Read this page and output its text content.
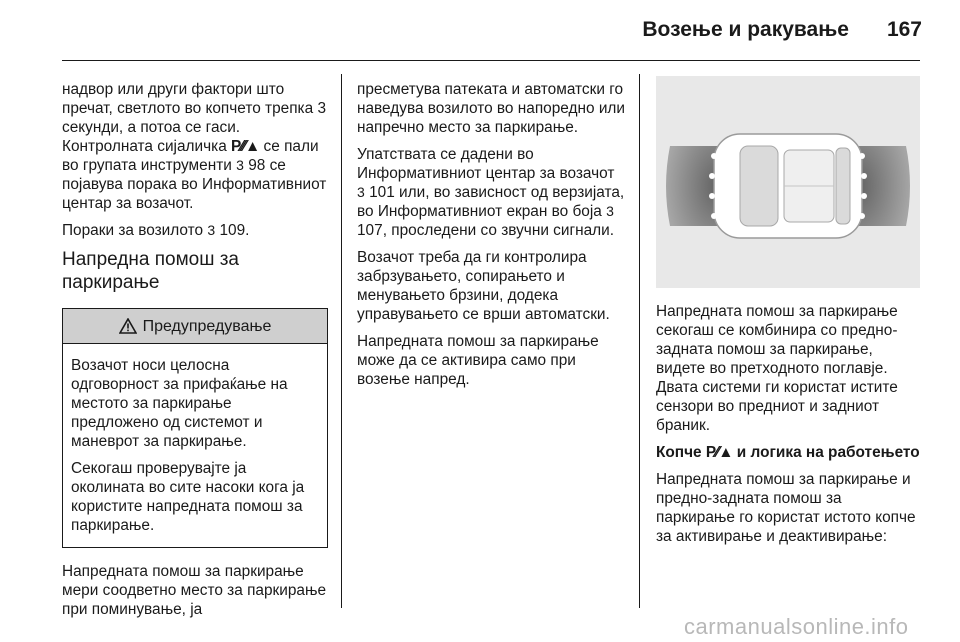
Возење и ракување 167

надвор или други фактори што пречат, светлото во копчето трепка 3 секунди, а потоа се гаси. Контролната сијаличка P⁄⁄⁄▲ се пали во групата инструменти 3 98 се појавува порака во Информативниот центар за возачот.

Пораки за возилото 3 109.

Напредна помош за паркирање
Предупредување

Возачот носи целосна одговорност за прифаќање на местото за паркирање предложено од системот и маневрот за паркирање.

Секогаш проверувајте ја околината во сите насоки кога ја користите напредната помош за паркирање.

Напредната помош за паркирање мери соодветно место за паркирање при поминување, ја

пресметува патеката и автоматски го наведува возилото во напоредно или напречно место за паркирање.

Упатствата се дадени во Информативниот центар за возачот 3 101 или, во зависност од верзијата, во Информативниот екран во боја 3 107, проследени со звучни сигнали.

Возачот треба да ги контролира забрзувањето, сопирањето и менувањето брзини, додека управувањето се врши автоматски.

Напредната помош за паркирање може да се активира само при возење напред.

Напредната помош за паркирање секогаш се комбинира со предно-задната помош за паркирање, видете во претходното поглавје. Двата системи ги користат истите сензори во предниот и задниот браник.

Копче P⁄⁄▲ и логика на работењето

Напредната помош за паркирање и предно-задната помош за паркирање го користат истото копче за активирање и деактивирање:

carmanualsonline.info
